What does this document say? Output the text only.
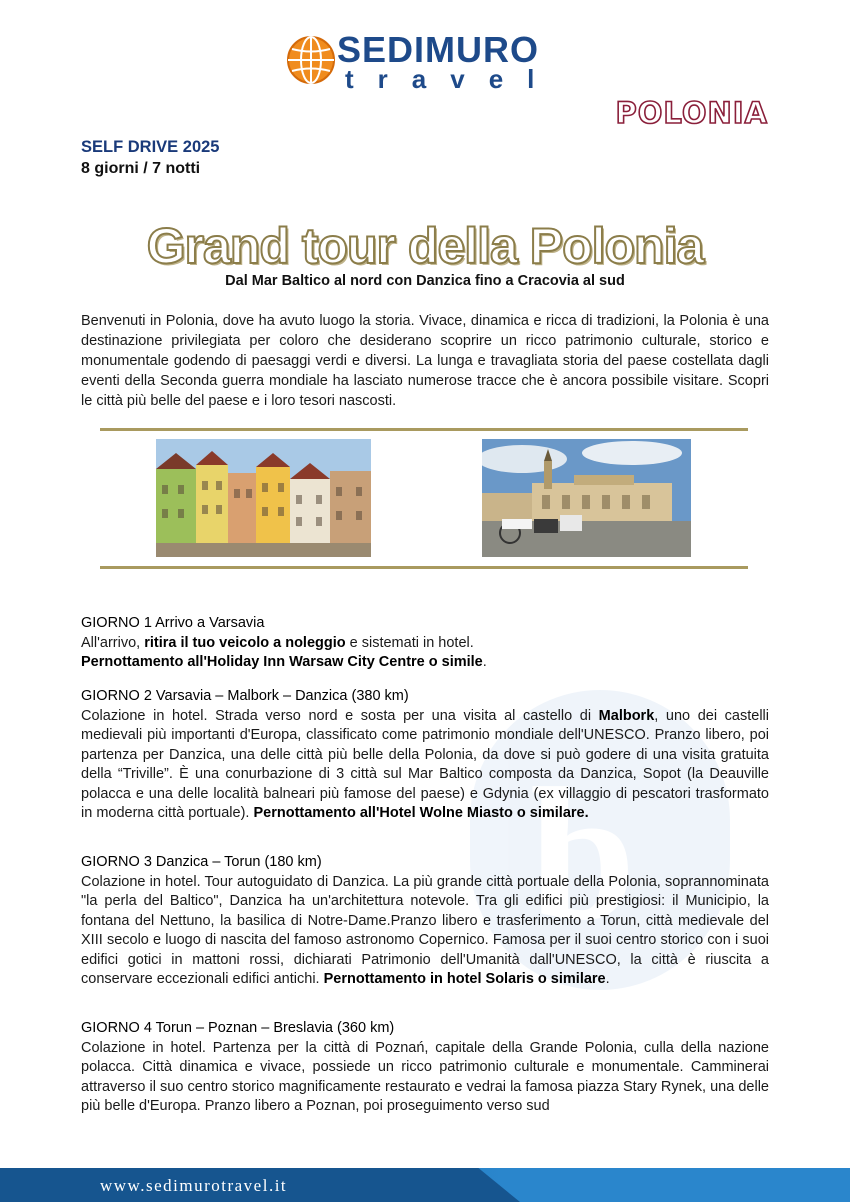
b
SEDIMURO
travel
POLONIA
SELF DRIVE 2025
8 giorni / 7 notti
Grand tour della Polonia
Dal Mar Baltico al nord con Danzica fino a Cracovia al sud
Benvenuti in Polonia, dove ha avuto luogo la storia. Vivace, dinamica e ricca di tradizioni, la Polonia è una destinazione privilegiata per coloro che desiderano scoprire un ricco patrimonio culturale, storico e monumentale godendo di paesaggi verdi e diversi. La lunga e travagliata storia del paese costellata dagli eventi della Seconda guerra mondiale ha lasciato numerose tracce che è ancora possibile visitare. Scopri le città più belle del paese e i loro tesori nascosti.
GIORNO 1 Arrivo a Varsavia
All'arrivo, ritira il tuo veicolo a noleggio e sistemati in hotel.
Pernottamento all'Holiday Inn Warsaw City Centre o simile.
GIORNO 2 Varsavia – Malbork – Danzica (380 km)
Colazione in hotel. Strada verso nord e sosta per una visita al castello di Malbork, uno dei castelli medievali più importanti d'Europa, classificato come patrimonio mondiale dell'UNESCO. Pranzo libero, poi partenza per Danzica, una delle città più belle della Polonia, da dove si può godere di una visita gratuita della “Triville”. È una conurbazione di 3 città sul Mar Baltico composta da Danzica, Sopot (la Deauville polacca e una delle località balneari più famose del paese) e Gdynia (ex villaggio di pescatori trasformato in moderna città portuale). Pernottamento all'Hotel Wolne Miasto o similare.
GIORNO 3 Danzica – Torun (180 km)
Colazione in hotel. Tour autoguidato di Danzica. La più grande città portuale della Polonia, soprannominata "la perla del Baltico", Danzica ha un'architettura notevole. Tra gli edifici più prestigiosi: il Municipio, la fontana del Nettuno, la basilica di Notre-Dame.Pranzo libero e trasferimento a Torun, città medievale del XIII secolo e luogo di nascita del famoso astronomo Copernico. Famosa per il suoi centro storico con i suoi edifici gotici in mattoni rossi, dichiarati Patrimonio dell'Umanità dall'UNESCO, la città è riuscita a conservare eccezionali edifici antichi. Pernottamento in hotel Solaris o similare.
GIORNO 4 Torun – Poznan – Breslavia (360 km)
Colazione in hotel. Partenza per la città di Poznań, capitale della Grande Polonia, culla della nazione polacca. Città dinamica e vivace, possiede un ricco patrimonio culturale e monumentale. Camminerai attraverso il suo centro storico magnificamente restaurato e vedrai la famosa piazza Stary Rynek, una delle più belle d'Europa. Pranzo libero a Poznan, poi proseguimento verso sud
www.sedimurotravel.it
